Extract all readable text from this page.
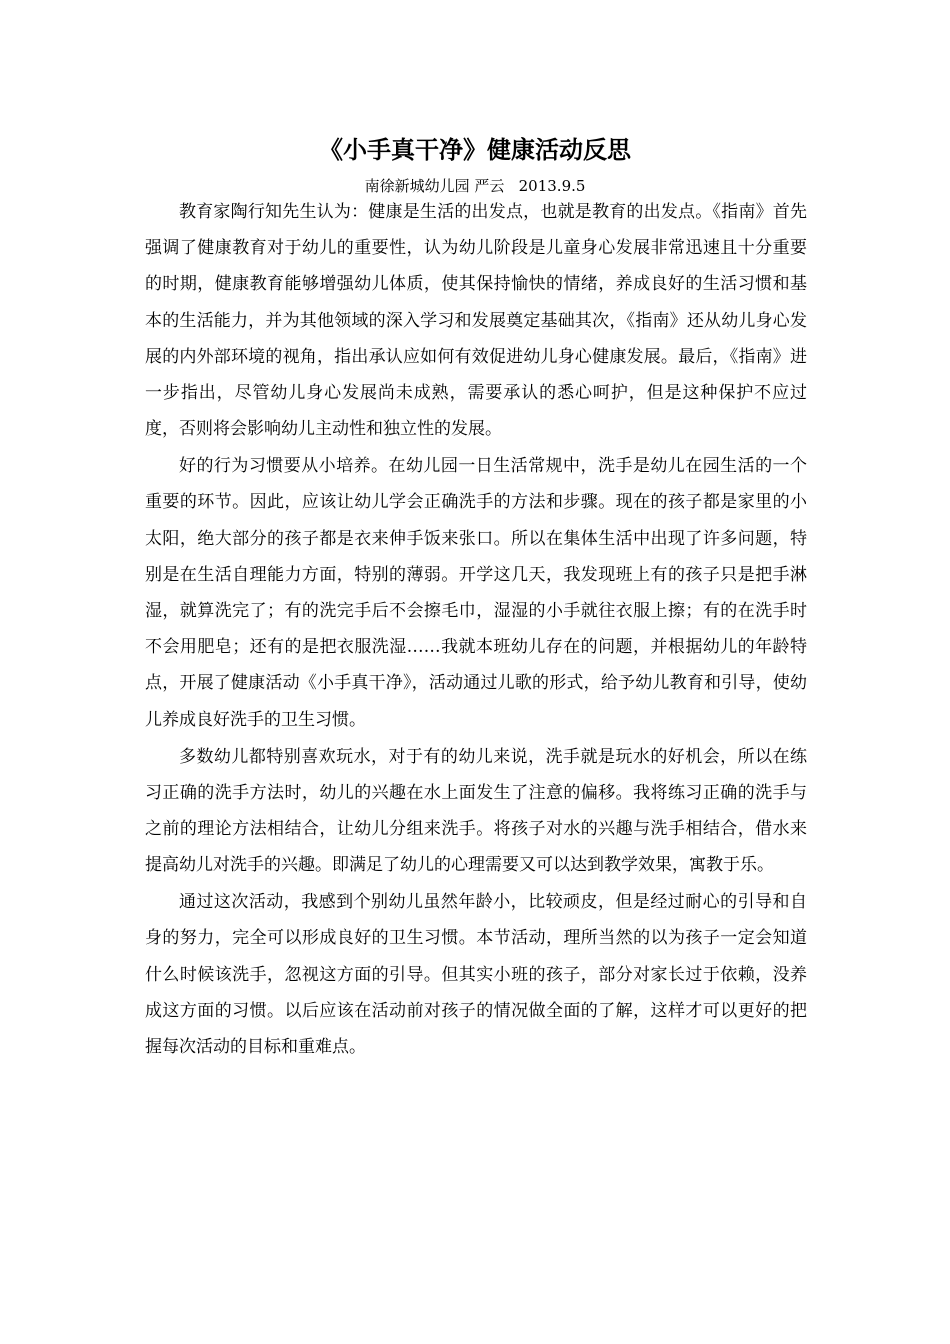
《小手真干净》健康活动反思
南徐新城幼儿园 严云   2013.9.5

教育家陶行知先生认为：健康是生活的出发点，也就是教育的出发点。《指南》首先强调了健康教育对于幼儿的重要性，认为幼儿阶段是儿童身心发展非常迅速且十分重要的时期，健康教育能够增强幼儿体质，使其保持愉快的情绪，养成良好的生活习惯和基本的生活能力，并为其他领域的深入学习和发展奠定基础其次，《指南》还从幼儿身心发展的内外部环境的视角，指出承认应如何有效促进幼儿身心健康发展。最后，《指南》进一步指出，尽管幼儿身心发展尚未成熟，需要承认的悉心呵护，但是这种保护不应过度，否则将会影响幼儿主动性和独立性的发展。

好的行为习惯要从小培养。在幼儿园一日生活常规中，洗手是幼儿在园生活的一个重要的环节。因此，应该让幼儿学会正确洗手的方法和步骤。现在的孩子都是家里的小太阳，绝大部分的孩子都是衣来伸手饭来张口。所以在集体生活中出现了许多问题，特别是在生活自理能力方面，特别的薄弱。开学这几天，我发现班上有的孩子只是把手淋湿，就算洗完了；有的洗完手后不会擦毛巾，湿湿的小手就往衣服上擦；有的在洗手时不会用肥皂；还有的是把衣服洗湿……我就本班幼儿存在的问题，并根据幼儿的年龄特点，开展了健康活动《小手真干净》，活动通过儿歌的形式，给予幼儿教育和引导，使幼儿养成良好洗手的卫生习惯。

多数幼儿都特别喜欢玩水，对于有的幼儿来说，洗手就是玩水的好机会，所以在练习正确的洗手方法时，幼儿的兴趣在水上面发生了注意的偏移。我将练习正确的洗手与之前的理论方法相结合，让幼儿分组来洗手。将孩子对水的兴趣与洗手相结合，借水来提高幼儿对洗手的兴趣。即满足了幼儿的心理需要又可以达到教学效果，寓教于乐。

通过这次活动，我感到个别幼儿虽然年龄小，比较顽皮，但是经过耐心的引导和自身的努力，完全可以形成良好的卫生习惯。本节活动，理所当然的以为孩子一定会知道什么时候该洗手，忽视这方面的引导。但其实小班的孩子，部分对家长过于依赖，没养成这方面的习惯。以后应该在活动前对孩子的情况做全面的了解，这样才可以更好的把握每次活动的目标和重难点。
